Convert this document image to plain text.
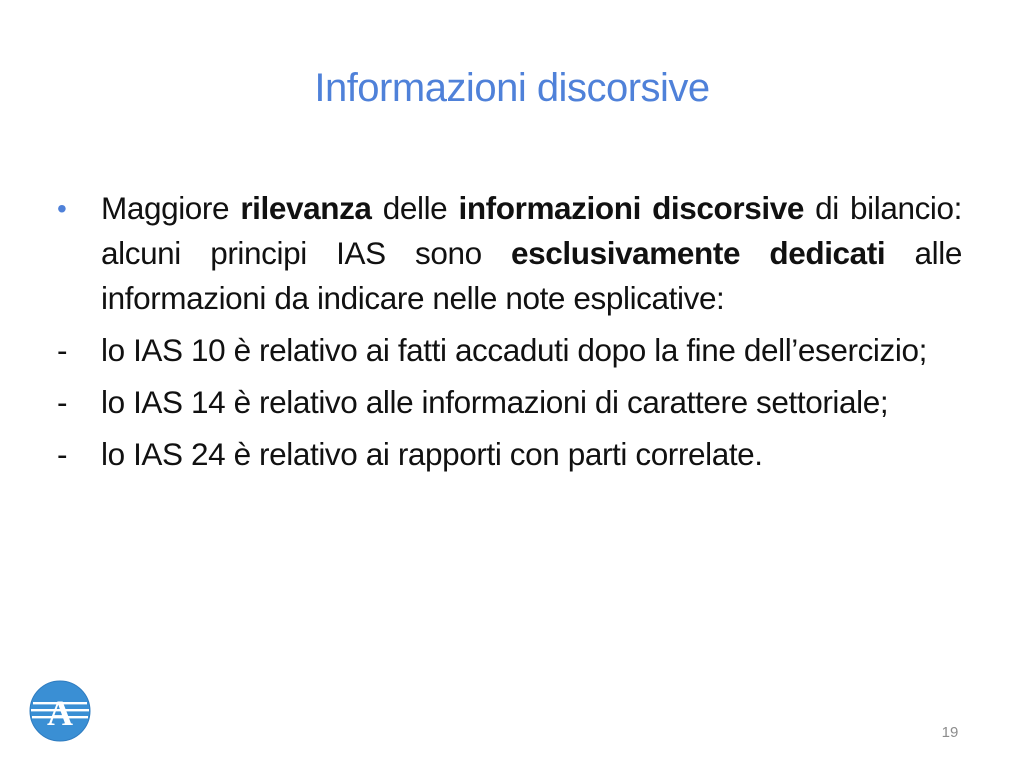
Informazioni discorsive
• Maggiore rilevanza delle informazioni discorsive di bilancio: alcuni principi IAS sono esclusivamente dedicati alle informazioni da indicare nelle note esplicative:
- lo IAS 10 è relativo ai fatti accaduti dopo la fine dell’esercizio;
- lo IAS 14 è relativo alle informazioni di carattere settoriale;
- lo IAS 24 è relativo ai rapporti con parti correlate.
A	19
